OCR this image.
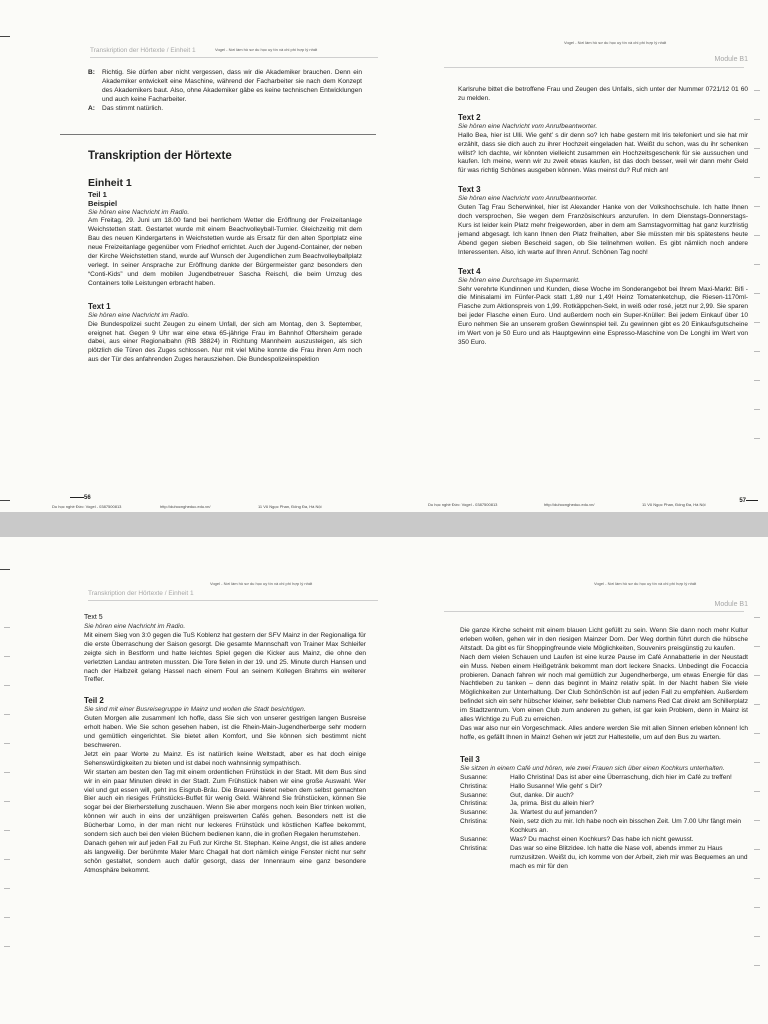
Vogel - Nơi làm hồ sơ du học uy tín và chi phí hợp lý nhất
Transkription der Hörtexte / Einheit 1
B:	Richtig. Sie dürfen aber nicht vergessen, dass wir die Akademiker brauchen. Denn ein Akademiker entwickelt eine Maschine, während der Facharbeiter sie nach dem Konzept des Akademikers baut. Also, ohne Akademiker gäbe es keine technischen Entwicklungen und auch keine Facharbeiter.
A:	Das stimmt natürlich.

Transkription der Hörtexte

Einheit 1

Teil 1

Beispiel

Sie hören eine Nachricht im Radio.

Am Freitag, 29. Juni um 18.00 fand bei herrlichem Wetter die Eröffnung der Freizeitanlage Weichstetten statt. Gestartet wurde mit einem Beachvolleyball-Turnier. Gleichzeitig mit dem Bau des neuen Kindergartens in Weichstetten wurde als Ersatz für den alten Sportplatz eine neue Freizeitanlage gegenüber vom Friedhof errichtet. Auch der Jugend-Container, der neben der Kirche Weichstetten stand, wurde auf Wunsch der Jugendlichen zum Beachvolleyballplatz verlegt. In seiner Ansprache zur Eröffnung dankte der Bürgermeister ganz besonders den “Conti-Kids” und dem mobilen Jugendbetreuer Sascha Reischl, die beim Umzug des Containers tolle Leistungen erbracht haben.

Text 1

Sie hören eine Nachricht im Radio.

Die Bundespolizei sucht Zeugen zu einem Unfall, der sich am Montag, den 3. September, ereignet hat. Gegen 9 Uhr war eine etwa 65-jährige Frau im Bahnhof Oftersheim gerade dabei, aus einer Regionalbahn (RB 38824) in Richtung Mannheim auszusteigen, als sich plötzlich die Türen des Zuges schlossen. Nur mit viel Mühe konnte die Frau ihren Arm noch aus der Tür des anfahrenden Zuges herausziehen. Die Bundespolizeiinspektion

56
Du học nghề Đức: Vogel - 0387500813	http://duhocngheduc.edu.vn/	11 Vũ Ngọc Phan, Đống Đa, Hà Nội
Vogel - Nơi làm hồ sơ du học uy tín và chi phí hợp lý nhất
Module B1

Karlsruhe bittet die betroffene Frau und Zeugen des Unfalls, sich unter der Nummer 0721/12 01 60 zu melden.

Text 2

Sie hören eine Nachricht vom Anrufbeantworter.

Hallo Bea, hier ist Ulli. Wie geht’ s dir denn so? Ich habe gestern mit Iris telefoniert und sie hat mir erzählt, dass sie dich auch zu ihrer Hochzeit eingeladen hat. Weißt du schon, was du ihr schenken willst? Ich dachte, wir könnten vielleicht zusammen ein Hochzeitsgeschenk für sie aussuchen und kaufen. Ich meine, wenn wir zu zweit etwas kaufen, ist das doch besser, weil wir dann mehr Geld für was richtig Schönes ausgeben können. Was meinst du? Ruf mich an!

Text 3

Sie hören eine Nachricht vom Anrufbeantworter.

Guten Tag Frau Scherwinkel, hier ist Alexander Hanke von der Volkshochschule. Ich hatte Ihnen doch versprochen, Sie wegen dem Französischkurs anzurufen. In dem Dienstags-Donnerstags-Kurs ist leider kein Platz mehr freigeworden, aber in dem am Samstagvormittag hat ganz kurzfristig jemand abgesagt. Ich kann Ihnen den Platz freihalten, aber Sie müssten mir bis spätestens heute Abend gegen sieben Bescheid sagen, ob Sie teilnehmen wollen. Es gibt nämlich noch andere Interessenten. Also, ich warte auf Ihren Anruf. Schönen Tag noch!

Text 4

Sie hören eine Durchsage im Supermarkt.

Sehr verehrte Kundinnen und Kunden, diese Woche im Sonderangebot bei Ihrem Maxi-Markt: Bifi - die Minisalami im Fünfer-Pack statt 1,89 nur 1,49! Heinz Tomatenketchup, die Riesen-1170ml-Flasche zum Aktionspreis von 1,99. Rotkäppchen-Sekt, in weiß oder rosé, jetzt nur 2,99. Sie sparen bei jeder Flasche einen Euro. Und außerdem noch ein Super-Knüller: Bei jedem Einkauf über 10 Euro nehmen Sie an unserem großen Gewinnspiel teil. Zu gewinnen gibt es 20 Einkaufsgutscheine im Wert von je 50 Euro und als Hauptgewinn eine Espresso-Maschine von De Longhi im Wert von 350 Euro.

Du học nghề Đức: Vogel - 0387500813	http://duhocngheduc.edu.vn/	11 Vũ Ngọc Phan, Đống Đa, Hà Nội
57
Vogel - Nơi làm hồ sơ du học uy tín và chi phí hợp lý nhất
Transkription der Hörtexte / Einheit 1

Text 5

Sie hören eine Nachricht im Radio.

Mit einem Sieg von 3:0 gegen die TuS Koblenz hat gestern der SFV Mainz in der Regionalliga für die erste Überraschung der Saison gesorgt. Die gesamte Mannschaft von Trainer Max Schleifer zeigte sich in Bestform und hatte leichtes Spiel gegen die Kicker aus Mainz, die ohne den verletzten Landau antreten mussten. Die Tore fielen in der 19. und 25. Minute durch Hansen und nach der Halbzeit gelang Hassel nach einem Foul an seinem Kollegen Brahms ein weiterer Treffer.

Teil 2

Sie sind mit einer Busreisegruppe in Mainz und wollen die Stadt besichtigen.

Guten Morgen alle zusammen! Ich hoffe, dass Sie sich von unserer gestrigen langen Busreise erholt haben. Wie Sie schon gesehen haben, ist die Rhein-Main-Jugendherberge sehr modern und gemütlich eingerichtet. Sie bietet allen Komfort, und Sie können sich bestimmt nicht beschweren.

Jetzt ein paar Worte zu Mainz. Es ist natürlich keine Weltstadt, aber es hat doch einige Sehenswürdigkeiten zu bieten und ist dabei noch wahnsinnig sympathisch.

Wir starten am besten den Tag mit einem ordentlichen Frühstück in der Stadt. Mit dem Bus sind wir in ein paar Minuten direkt in der Stadt. Zum Frühstück haben wir eine große Auswahl. Wer viel und gut essen will, geht ins Eisgrub-Bräu. Die Brauerei bietet neben dem selbst gemachten Bier auch ein riesiges Frühstücks-Buffet für wenig Geld. Während Sie frühstücken, können Sie sogar bei der Bierherstellung zuschauen. Wenn Sie aber morgens noch kein Bier trinken wollen, können wir auch in eins der unzähligen preiswerten Cafés gehen. Besonders nett ist die Bücherbar Lomo, in der man nicht nur leckeres Frühstück und köstlichen Kaffee bekommt, sondern sich auch bei den vielen Büchern bedienen kann, die in großen Regalen herumstehen.

Danach gehen wir auf jeden Fall zu Fuß zur Kirche St. Stephan. Keine Angst, die ist alles andere als langweilig. Der berühmte Maler Marc Chagall hat dort nämlich einige Fenster nicht nur sehr schön gestaltet, sondern auch dafür gesorgt, dass der Innenraum eine ganz besondere Atmosphäre bekommt.

Vogel - Nơi làm hồ sơ du học uy tín và chi phí hợp lý nhất
Module B1

Die ganze Kirche scheint mit einem blauen Licht gefüllt zu sein. Wenn Sie dann noch mehr Kultur erleben wollen, gehen wir in den riesigen Mainzer Dom. Der Weg dorthin führt durch die hübsche Altstadt. Da gibt es für Shoppingfreunde viele Möglichkeiten, Souvenirs preisgünstig zu kaufen.

Nach dem vielen Schauen und Laufen ist eine kurze Pause im Café Annabatterie in der Neustadt ein Muss. Neben einem Heißgetränk bekommt man dort leckere Snacks. Unbedingt die Focaccia probieren. Danach fahren wir noch mal gemütlich zur Jugendherberge, um etwas Energie für das Nachtleben zu tanken – denn das beginnt in Mainz relativ spät. In der Nacht haben Sie viele Möglichkeiten zur Unterhaltung. Der Club SchönSchön ist auf jeden Fall zu empfehlen. Außerdem befindet sich ein sehr hübscher kleiner, sehr beliebter Club namens Red Cat direkt am Schillerplatz im Stadtzentrum. Vom einen Club zum anderen zu gehen, ist gar kein Problem, denn in Mainz ist alles Wichtige zu Fuß zu erreichen.

Das war also nur ein Vorgeschmack. Alles andere werden Sie mit allen Sinnen erleben können! Ich hoffe, es gefällt Ihnen in Mainz! Gehen wir jetzt zur Haltestelle, um auf den Bus zu warten.

Teil 3

Sie sitzen in einem Café und hören, wie zwei Frauen sich über einen Kochkurs unterhalten.

Susanne:	Hallo Christina! Das ist aber eine Überraschung, dich hier im Café zu treffen!
Christina:	Hallo Susanne! Wie geht’ s Dir?
Susanne:	Gut, danke. Dir auch?
Christina:	Ja, prima. Bist du allein hier?
Susanne:	Ja. Wartest du auf jemanden?
Christina:	Nein, setz dich zu mir. Ich habe noch ein bisschen Zeit. Um 7.00 Uhr fängt mein Kochkurs an.
Susanne:	Was? Du machst einen Kochkurs? Das habe ich nicht gewusst.
Christina:	Das war so eine Blitzidee. Ich hatte die Nase voll, abends immer zu Haus rumzusitzen. Weißt du, ich komme von der Arbeit, zieh mir was Bequemes an und mach es mir für den
